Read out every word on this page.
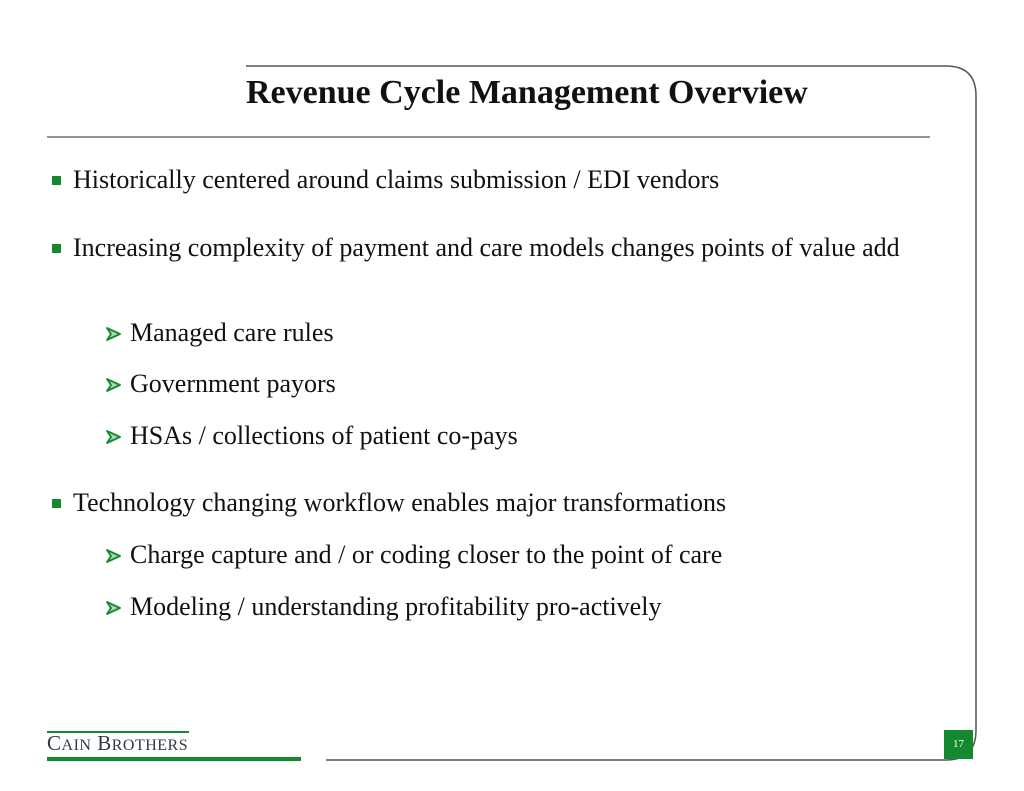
Revenue Cycle Management Overview
Historically centered around claims submission / EDI vendors
Increasing complexity of payment and care models changes points of value add
Managed care rules
Government payors
HSAs / collections of patient co-pays
Technology changing workflow enables major transformations
Charge capture and / or coding closer to the point of care
Modeling / understanding profitability pro-actively
CAIN BROTHERS	17
